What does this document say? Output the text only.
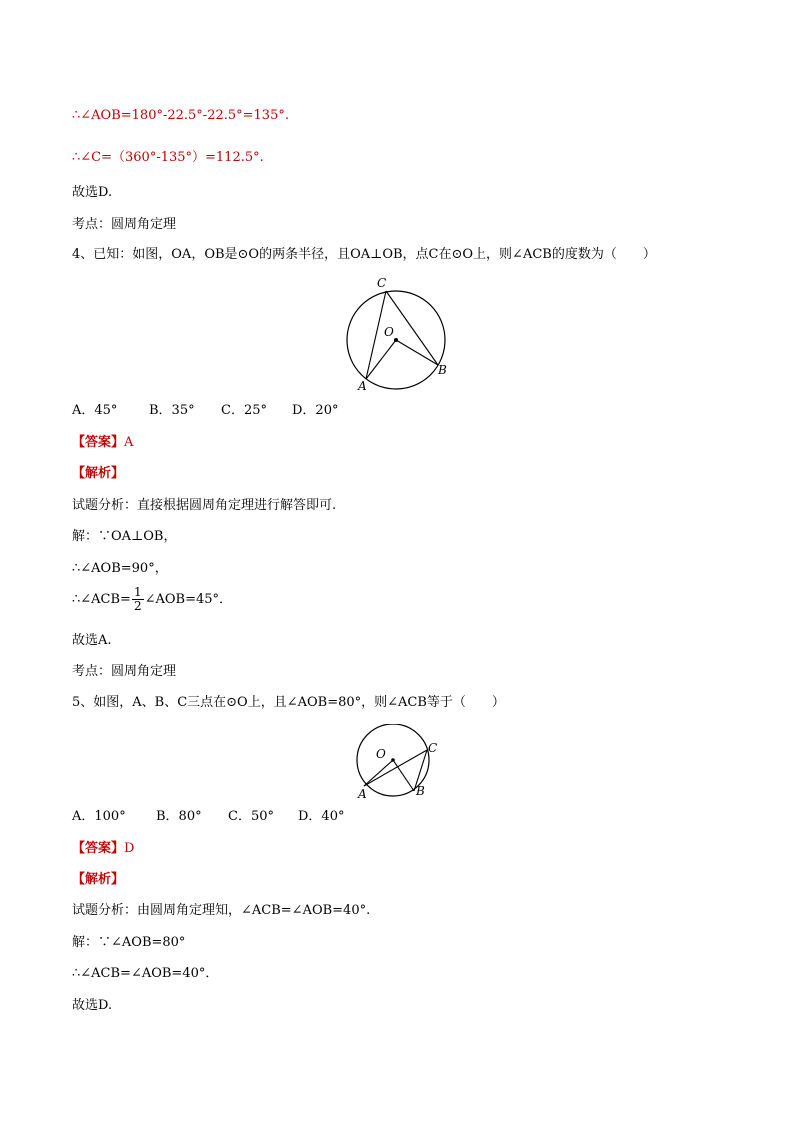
∴∠AOB=180°-22.5°-22.5°=135°.
∴∠C=（360°-135°）=112.5°.
故选D.
考点：圆周角定理
4、已知：如图，OA，OB是⊙O的两条半径，且OA⊥OB，点C在⊙O上，则∠ACB的度数为（　　）
C
O
A
B
A．45° B．35° C．25° D．20°
【答案】A
【解析】
试题分析：直接根据圆周角定理进行解答即可.
解：∵OA⊥OB，
∴∠AOB=90°，
∴∠ACB= $\frac{1}{2}$ ∠AOB=45°．
故选A.
考点：圆周角定理
5、如图，A、B、C三点在⊙O上，且∠AOB=80°，则∠ACB等于（　　）
O	C
A	B
A．100° B．80° C．50° D．40°
【答案】D
【解析】
试题分析：由圆周角定理知，∠ACB=∠AOB=40°.
解：∵∠AOB=80°
∴∠ACB=∠AOB=40°．
故选D.
